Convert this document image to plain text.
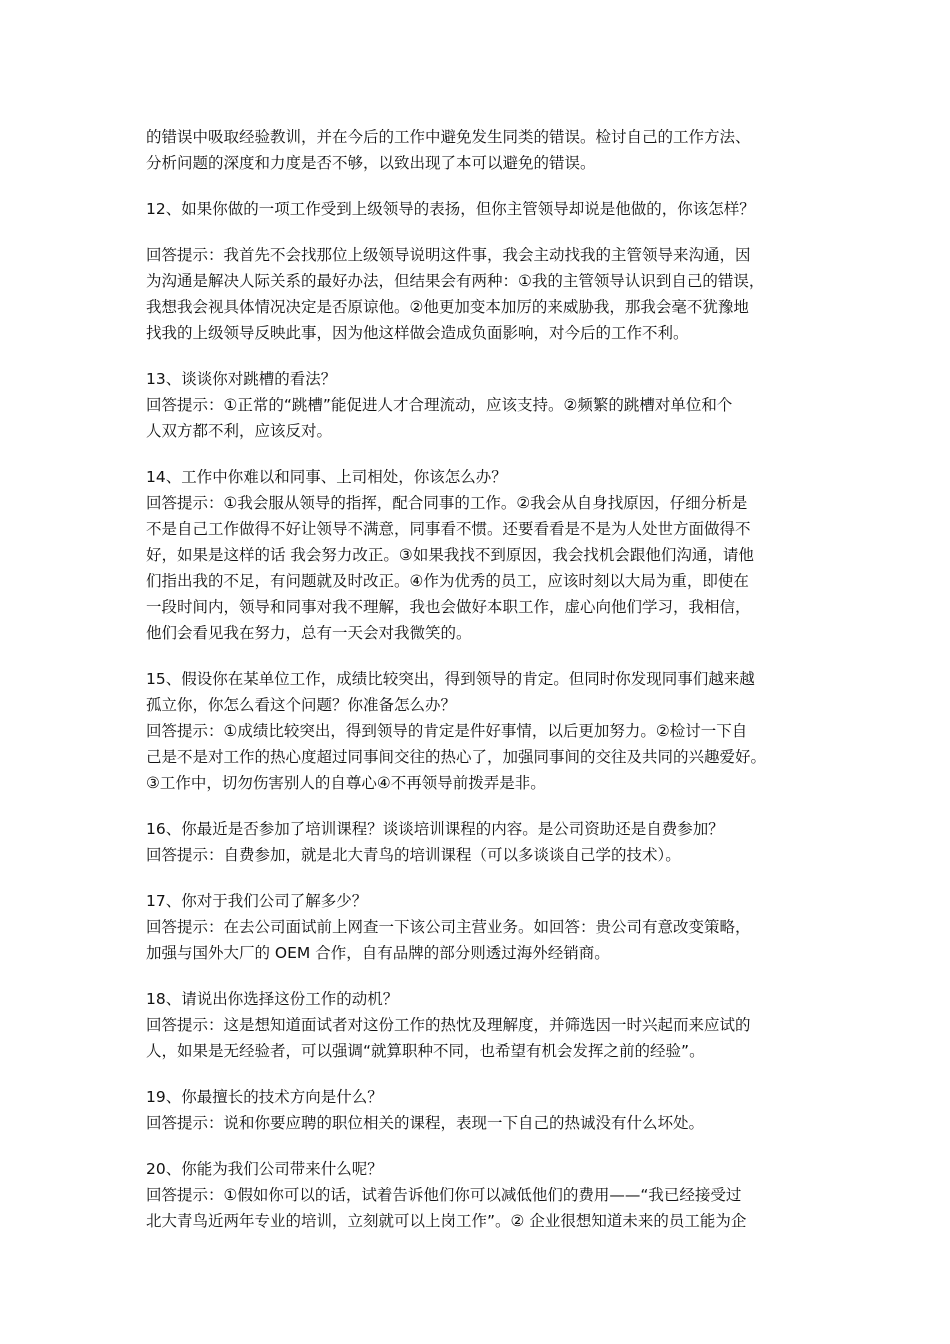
的错误中吸取经验教训，并在今后的工作中避免发生同类的错误。检讨自己的工作方法、
分析问题的深度和力度是否不够，以致出现了本可以避免的错误。
12、如果你做的一项工作受到上级领导的表扬，但你主管领导却说是他做的，你该怎样？
回答提示：我首先不会找那位上级领导说明这件事，我会主动找我的主管领导来沟通，因
为沟通是解决人际关系的最好办法，但结果会有两种：①我的主管领导认识到自己的错误，
我想我会视具体情况决定是否原谅他。②他更加变本加厉的来威胁我，那我会毫不犹豫地
找我的上级领导反映此事，因为他这样做会造成负面影响，对今后的工作不利。
13、谈谈你对跳槽的看法？
回答提示：①正常的“跳槽”能促进人才合理流动，应该支持。②频繁的跳槽对单位和个
人双方都不利，应该反对。
14、工作中你难以和同事、上司相处，你该怎么办？
回答提示：①我会服从领导的指挥，配合同事的工作。②我会从自身找原因，仔细分析是
不是自己工作做得不好让领导不满意，同事看不惯。还要看看是不是为人处世方面做得不
好，如果是这样的话 我会努力改正。③如果我找不到原因，我会找机会跟他们沟通，请他
们指出我的不足，有问题就及时改正。④作为优秀的员工，应该时刻以大局为重，即使在
一段时间内，领导和同事对我不理解，我也会做好本职工作，虚心向他们学习，我相信，
他们会看见我在努力，总有一天会对我微笑的。
15、假设你在某单位工作，成绩比较突出，得到领导的肯定。但同时你发现同事们越来越
孤立你，你怎么看这个问题？你准备怎么办？
回答提示：①成绩比较突出，得到领导的肯定是件好事情，以后更加努力。②检讨一下自
己是不是对工作的热心度超过同事间交往的热心了，加强同事间的交往及共同的兴趣爱好。
③工作中，切勿伤害别人的自尊心④不再领导前拨弄是非。
16、你最近是否参加了培训课程？谈谈培训课程的内容。是公司资助还是自费参加？
回答提示：自费参加，就是北大青鸟的培训课程（可以多谈谈自己学的技术）。
17、你对于我们公司了解多少？
回答提示：在去公司面试前上网查一下该公司主营业务。如回答：贵公司有意改变策略，
加强与国外大厂的 OEM 合作，自有品牌的部分则透过海外经销商。
18、请说出你选择这份工作的动机？
回答提示：这是想知道面试者对这份工作的热忱及理解度，并筛选因一时兴起而来应试的
人，如果是无经验者，可以强调“就算职种不同，也希望有机会发挥之前的经验”。
19、你最擅长的技术方向是什么？
回答提示：说和你要应聘的职位相关的课程，表现一下自己的热诚没有什么坏处。
20、你能为我们公司带来什么呢？
回答提示：①假如你可以的话，试着告诉他们你可以减低他们的费用——“我已经接受过
北大青鸟近两年专业的培训，立刻就可以上岗工作”。② 企业很想知道未来的员工能为企
